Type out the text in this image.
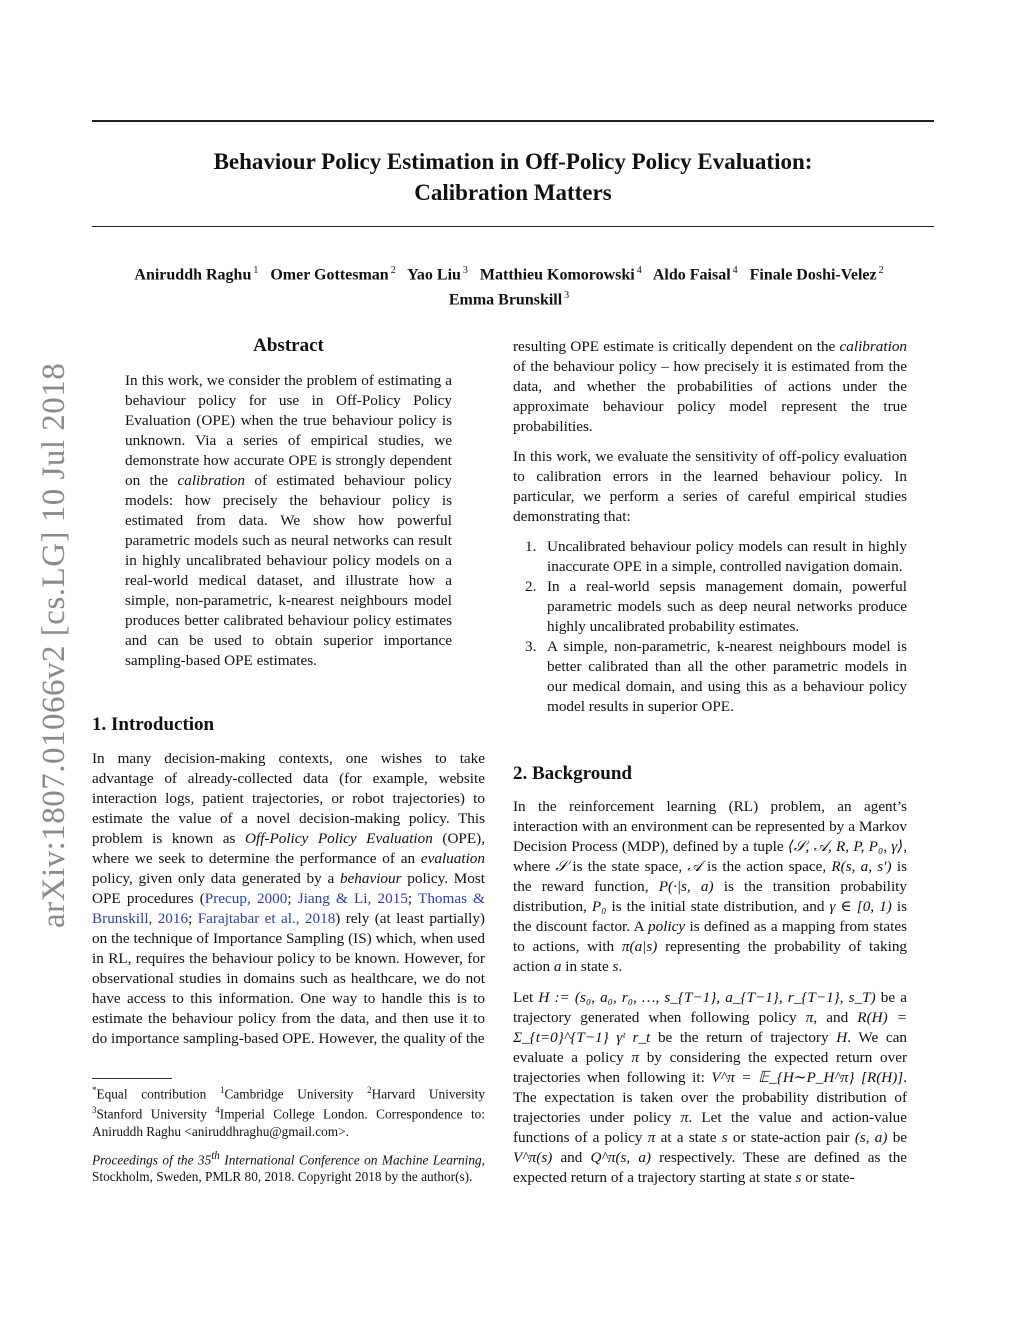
Behaviour Policy Estimation in Off-Policy Policy Evaluation:
Calibration Matters
Aniruddh Raghu $^1$ Omer Gottesman $^2$ Yao Liu $^3$ Matthieu Komorowski $^4$ Aldo Faisal $^4$ Finale Doshi-Velez $^2$
Emma Brunskill $^3$
arXiv:1807.01066v2 [cs.LG] 10 Jul 2018
Abstract

In this work, we consider the problem of estimating a behaviour policy for use in Off-Policy Policy Evaluation (OPE) when the true behaviour policy is unknown. Via a series of empirical studies, we demonstrate how accurate OPE is strongly dependent on the calibration of estimated behaviour policy models: how precisely the behaviour policy is estimated from data. We show how powerful parametric models such as neural networks can result in highly uncalibrated behaviour policy models on a real-world medical dataset, and illustrate how a simple, non-parametric, k-nearest neighbours model produces better calibrated behaviour policy estimates and can be used to obtain superior importance sampling-based OPE estimates.

1. Introduction

In many decision-making contexts, one wishes to take advantage of already-collected data (for example, website interaction logs, patient trajectories, or robot trajectories) to estimate the value of a novel decision-making policy. This problem is known as Off-Policy Policy Evaluation (OPE), where we seek to determine the performance of an evaluation policy, given only data generated by a behaviour policy. Most OPE procedures (Precup, 2000; Jiang & Li, 2015; Thomas & Brunskill, 2016; Farajtabar et al., 2018) rely (at least partially) on the technique of Importance Sampling (IS) which, when used in RL, requires the behaviour policy to be known. However, for observational studies in domains such as healthcare, we do not have access to this information. One way to handle this is to estimate the behaviour policy from the data, and then use it to do importance sampling-based OPE. However, the quality of the

*Equal contribution $^1$Cambridge University $^2$Harvard University $^3$Stanford University $^4$Imperial College London. Correspondence to: Aniruddh Raghu <aniruddhraghu@gmail.com>.

Proceedings of the 35th International Conference on Machine Learning, Stockholm, Sweden, PMLR 80, 2018. Copyright 2018 by the author(s).

resulting OPE estimate is critically dependent on the calibration of the behaviour policy – how precisely it is estimated from the data, and whether the probabilities of actions under the approximate behaviour policy model represent the true probabilities.

In this work, we evaluate the sensitivity of off-policy evaluation to calibration errors in the learned behaviour policy. In particular, we perform a series of careful empirical studies demonstrating that:

1. Uncalibrated behaviour policy models can result in highly inaccurate OPE in a simple, controlled navigation domain.
2. In a real-world sepsis management domain, powerful parametric models such as deep neural networks produce highly uncalibrated probability estimates.
3. A simple, non-parametric, k-nearest neighbours model is better calibrated than all the other parametric models in our medical domain, and using this as a behaviour policy model results in superior OPE.
2. Background

In the reinforcement learning (RL) problem, an agent’s interaction with an environment can be represented by a Markov Decision Process (MDP), defined by a tuple ⟨𝒮, 𝒜, R, P, P₀, γ⟩, where 𝒮 is the state space, 𝒜 is the action space, R(s, a, s′) is the reward function, P(·|s, a) is the transition probability distribution, P₀ is the initial state distribution, and γ ∈ [0, 1) is the discount factor. A policy is defined as a mapping from states to actions, with π(a|s) representing the probability of taking action a in state s.

Let H := (s₀, a₀, r₀, …, s_{T−1}, a_{T−1}, r_{T−1}, s_T) be a trajectory generated when following policy π, and R(H) = Σ_{t=0}^{T−1} γᵗ r_t be the return of trajectory H. We can evaluate a policy π by considering the expected return over trajectories when following it: V^π = 𝔼_{H∼P_H^π} [R(H)]. The expectation is taken over the probability distribution of trajectories under policy π. Let the value and action-value functions of a policy π at a state s or state-action pair (s, a) be V^π(s) and Q^π(s, a) respectively. These are defined as the expected return of a trajectory starting at state s or state-
